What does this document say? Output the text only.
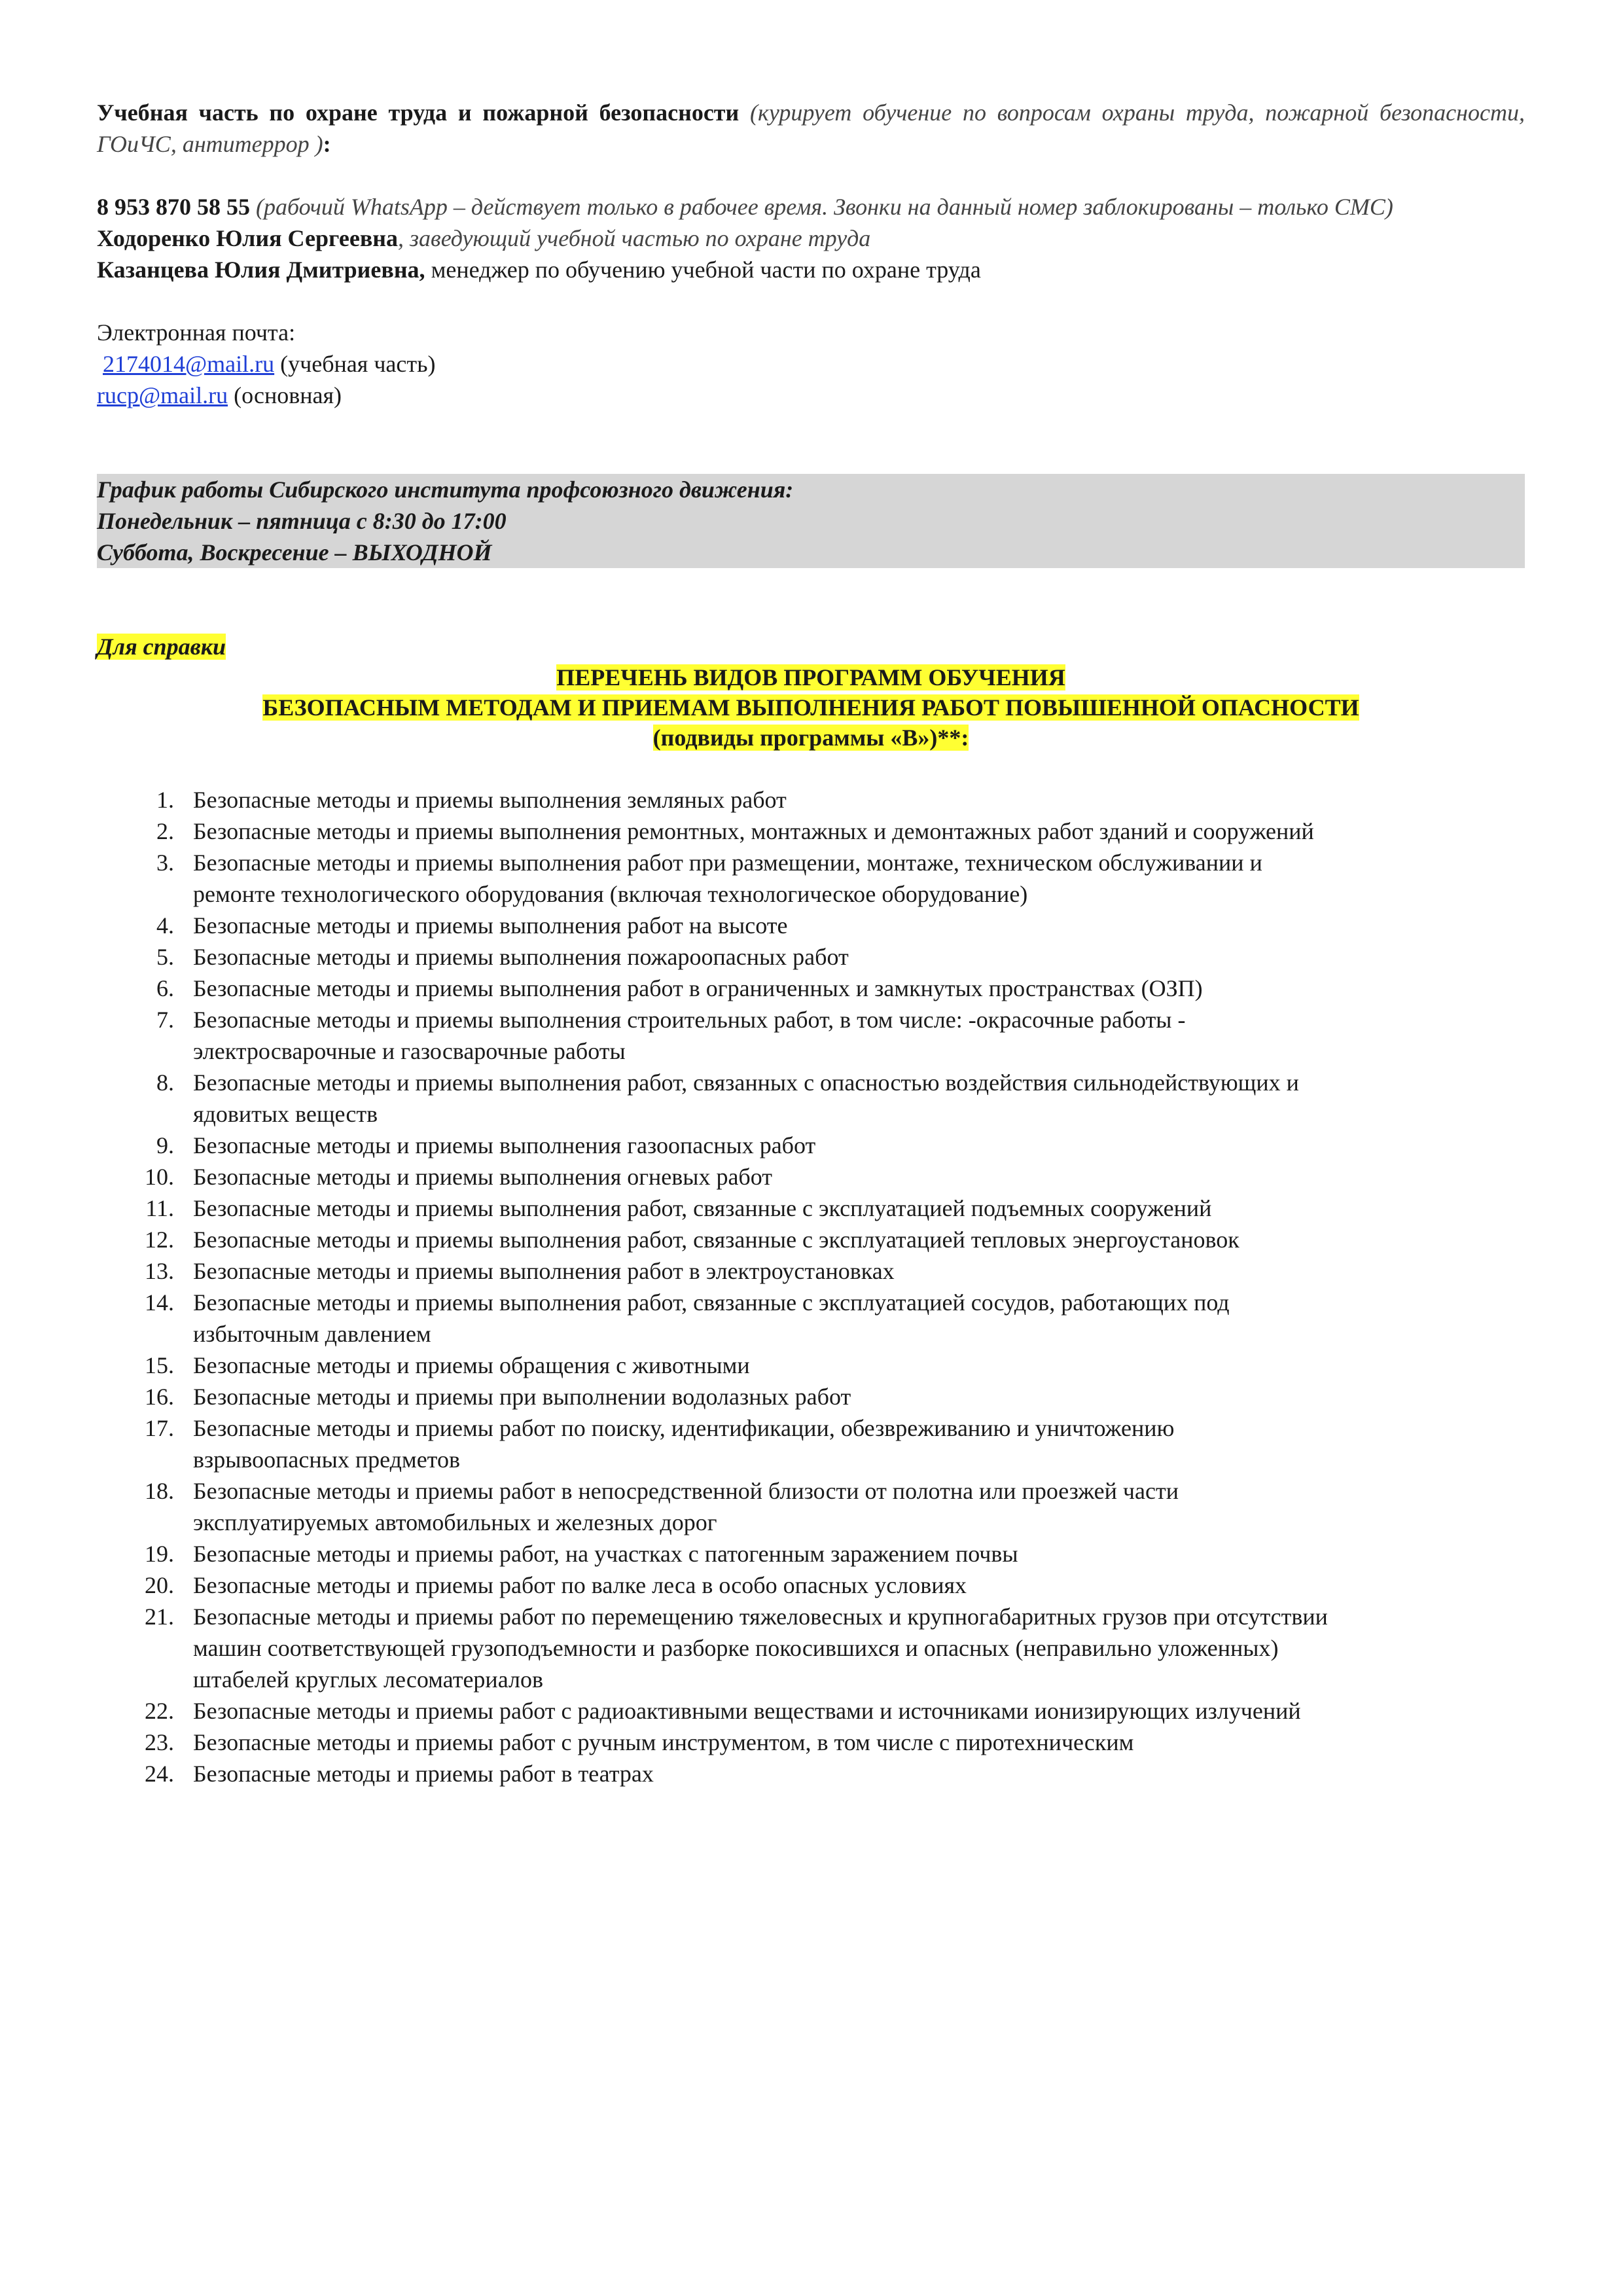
Учебная часть по охране труда и пожарной безопасности (курирует обучение по вопросам охраны труда, пожарной безопасности, ГОиЧС, антитеррор ):

8 953 870 58 55 (рабочий WhatsApp – действует только в рабочее время. Звонки на данный номер заблокированы – только СМС)

Ходоренко Юлия Сергеевна, заведующий учебной частью по охране труда
Казанцева Юлия Дмитриевна, менеджер по обучению учебной части по охране труда
Электронная почта:
2174014@mail.ru (учебная часть)
rucp@mail.ru (основная)
График работы Сибирского института профсоюзного движения:
Понедельник – пятница с 8:30 до 17:00
Суббота, Воскресение – ВЫХОДНОЙ
Для справки
ПЕРЕЧЕНЬ ВИДОВ ПРОГРАММ ОБУЧЕНИЯ
БЕЗОПАСНЫМ МЕТОДАМ И ПРИЕМАМ ВЫПОЛНЕНИЯ РАБОТ ПОВЫШЕННОЙ ОПАСНОСТИ
(подвиды программы «В»)**:
1. Безопасные методы и приемы выполнения земляных работ
2. Безопасные методы и приемы выполнения ремонтных, монтажных и демонтажных работ зданий и сооружений
3. Безопасные методы и приемы выполнения работ при размещении, монтаже, техническом обслуживании и
ремонте технологического оборудования (включая технологическое оборудование)
4. Безопасные методы и приемы выполнения работ на высоте
5. Безопасные методы и приемы выполнения пожароопасных работ
6. Безопасные методы и приемы выполнения работ в ограниченных и замкнутых пространствах (ОЗП)
7. Безопасные методы и приемы выполнения строительных работ, в том числе: -окрасочные работы -
электросварочные и газосварочные работы
8. Безопасные методы и приемы выполнения работ, связанных с опасностью воздействия сильнодействующих и
ядовитых веществ
9. Безопасные методы и приемы выполнения газоопасных работ
10. Безопасные методы и приемы выполнения огневых работ
11. Безопасные методы и приемы выполнения работ, связанные с эксплуатацией подъемных сооружений
12. Безопасные методы и приемы выполнения работ, связанные с эксплуатацией тепловых энергоустановок
13. Безопасные методы и приемы выполнения работ в электроустановках
14. Безопасные методы и приемы выполнения работ, связанные с эксплуатацией сосудов, работающих под
избыточным давлением
15. Безопасные методы и приемы обращения с животными
16. Безопасные методы и приемы при выполнении водолазных работ
17. Безопасные методы и приемы работ по поиску, идентификации, обезвреживанию и уничтожению
взрывоопасных предметов
18. Безопасные методы и приемы работ в непосредственной близости от полотна или проезжей части
эксплуатируемых автомобильных и железных дорог
19. Безопасные методы и приемы работ, на участках с патогенным заражением почвы
20. Безопасные методы и приемы работ по валке леса в особо опасных условиях
21. Безопасные методы и приемы работ по перемещению тяжеловесных и крупногабаритных грузов при отсутствии
машин соответствующей грузоподъемности и разборке покосившихся и опасных (неправильно уложенных)
штабелей круглых лесоматериалов
22. Безопасные методы и приемы работ с радиоактивными веществами и источниками ионизирующих излучений
23. Безопасные методы и приемы работ с ручным инструментом, в том числе с пиротехническим
24. Безопасные методы и приемы работ в театрах
